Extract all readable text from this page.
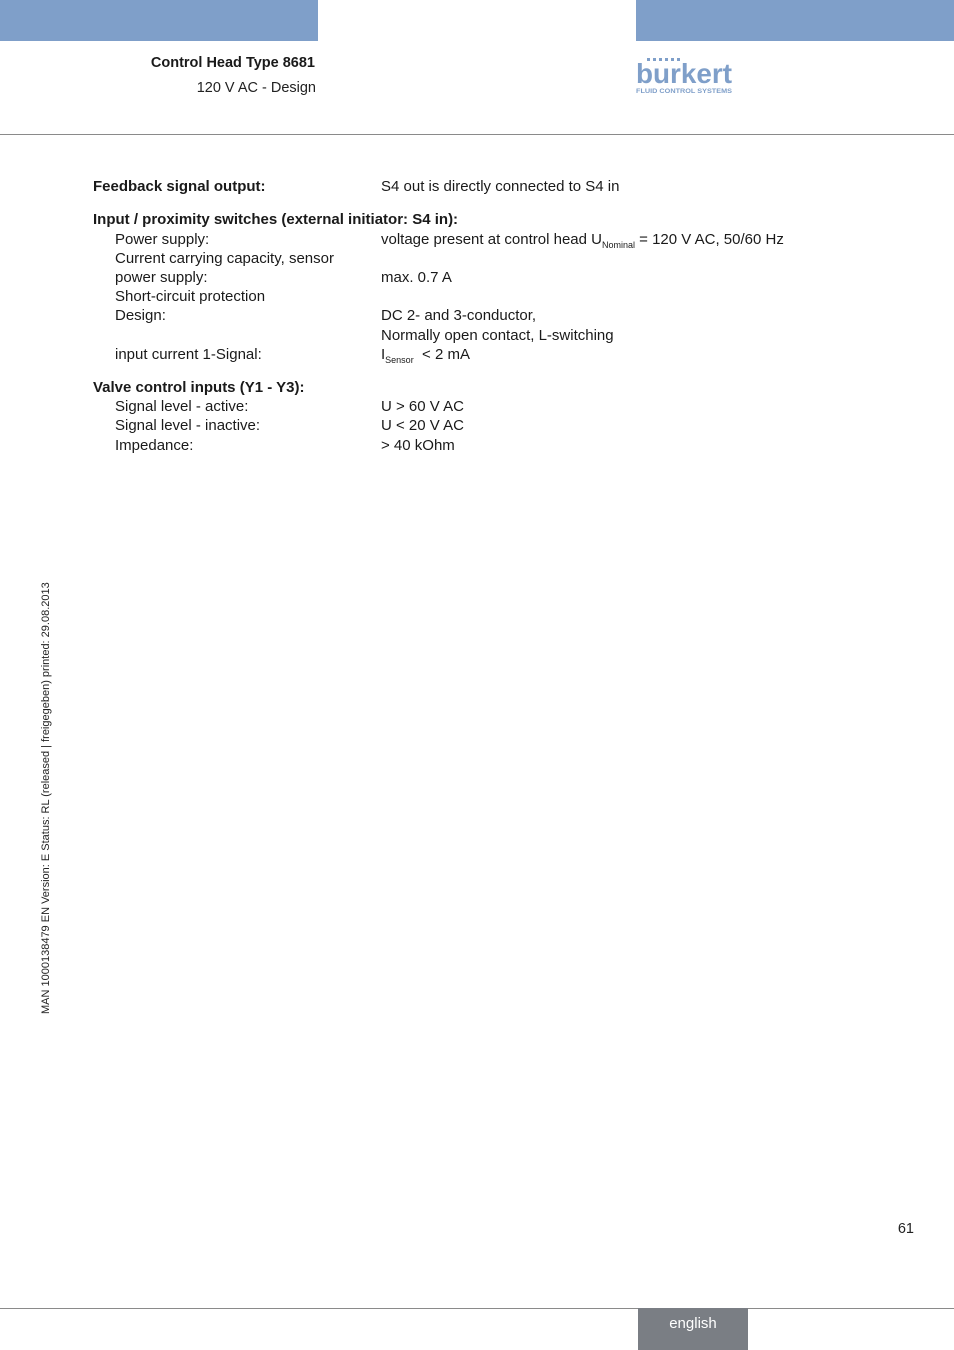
Control Head Type 8681
120 V AC - Design	burkert
FLUID CONTROL SYSTEMS
Feedback signal output:	S4 out is directly connected to S4 in
Input / proximity switches (external initiator: S4 in):
Power supply:	voltage present at control head $U_{Nominal} = 120$ V AC, 50/60 Hz
Current carrying capacity, sensor
power supply:	max. 0.7 A
Short-circuit protection
Design:	DC 2- and 3-conductor,
Normally open contact, L-switching
input current 1-Signal:	$I_{Sensor} < 2$ mA
Valve control inputs (Y1 - Y3):
Signal level - active:	U > 60 V AC
Signal level - inactive:	U < 20 V AC
Impedance:	> 40 kOhm
MAN 1000138479 EN Version: E Status: RL (released | freigegeben) printed: 29.08.2013
61
english
